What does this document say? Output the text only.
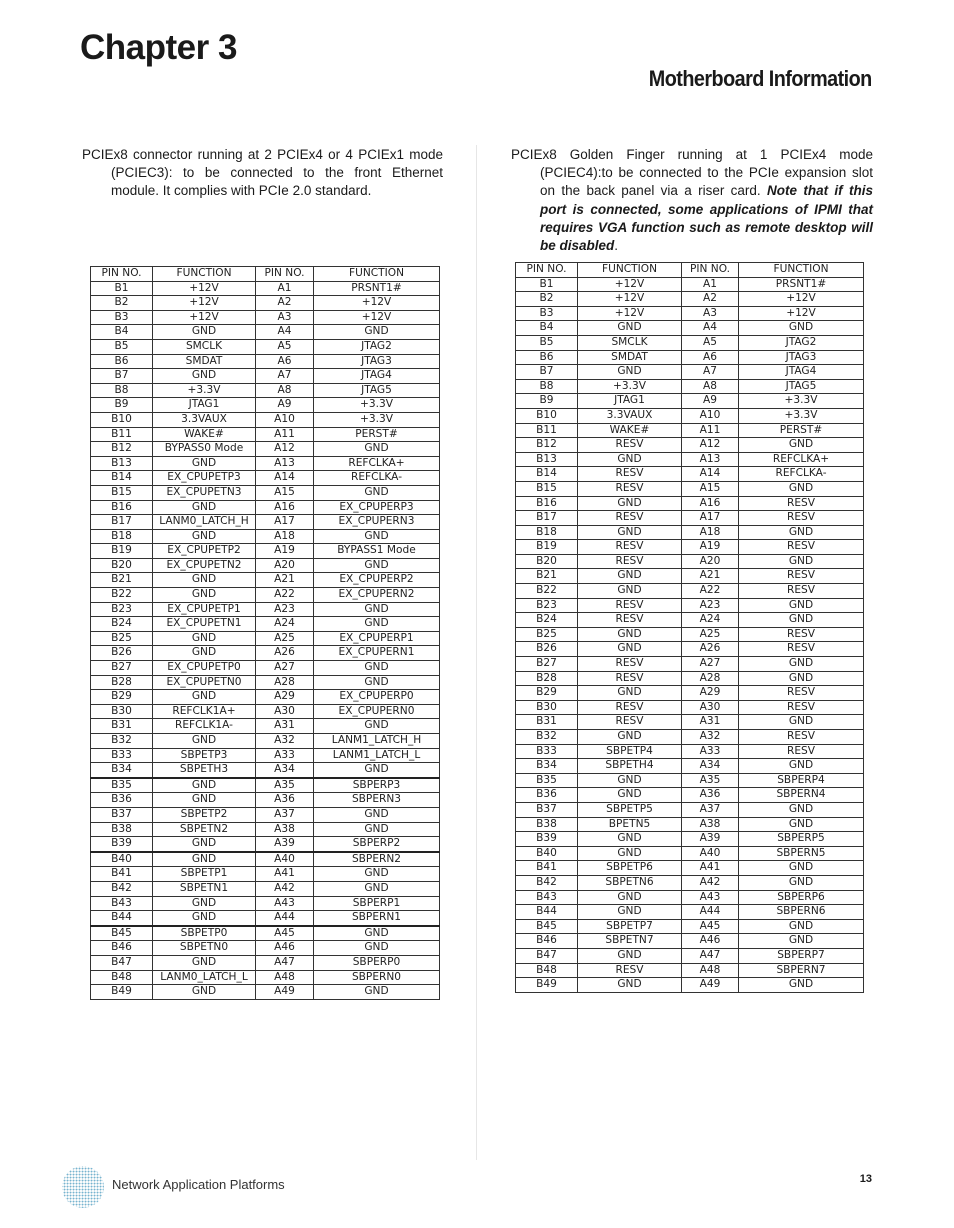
Chapter 3
Motherboard Information

PCIEx8 connector running at 2 PCIEx4 or 4 PCIEx1 mode (PCIEC3): to be connected to the front Ethernet module. It complies with PCIe 2.0 standard.

PCIEx8 Golden Finger running at 1 PCIEx4 mode (PCIEC4):to be connected to the PCIe expansion slot on the back panel via a riser card. Note that if this port is connected, some applications of IPMI that requires VGA function such as remote desktop will be disabled.

PIN NO.	FUNCTION	PIN NO.	FUNCTION
B1	+12V	A1	PRSNT1#
B2	+12V	A2	+12V
B3	+12V	A3	+12V
B4	GND	A4	GND
B5	SMCLK	A5	JTAG2
B6	SMDAT	A6	JTAG3
B7	GND	A7	JTAG4
B8	+3.3V	A8	JTAG5
B9	JTAG1	A9	+3.3V
B10	3.3VAUX	A10	+3.3V
B11	WAKE#	A11	PERST#
B12	BYPASS0 Mode	A12	GND
B13	GND	A13	REFCLKA+
B14	EX_CPUPETP3	A14	REFCLKA-
B15	EX_CPUPETN3	A15	GND
B16	GND	A16	EX_CPUPERP3
B17	LANM0_LATCH_H	A17	EX_CPUPERN3
B18	GND	A18	GND
B19	EX_CPUPETP2	A19	BYPASS1 Mode
B20	EX_CPUPETN2	A20	GND
B21	GND	A21	EX_CPUPERP2
B22	GND	A22	EX_CPUPERN2
B23	EX_CPUPETP1	A23	GND
B24	EX_CPUPETN1	A24	GND
B25	GND	A25	EX_CPUPERP1
B26	GND	A26	EX_CPUPERN1
B27	EX_CPUPETP0	A27	GND
B28	EX_CPUPETN0	A28	GND
B29	GND	A29	EX_CPUPERP0
B30	REFCLK1A+	A30	EX_CPUPERN0
B31	REFCLK1A-	A31	GND
B32	GND	A32	LANM1_LATCH_H
B33	SBPETP3	A33	LANM1_LATCH_L
B34	SBPETH3	A34	GND
B35	GND	A35	SBPERP3
B36	GND	A36	SBPERN3
B37	SBPETP2	A37	GND
B38	SBPETN2	A38	GND
B39	GND	A39	SBPERP2
B40	GND	A40	SBPERN2
B41	SBPETP1	A41	GND
B42	SBPETN1	A42	GND
B43	GND	A43	SBPERP1
B44	GND	A44	SBPERN1
B45	SBPETP0	A45	GND
B46	SBPETN0	A46	GND
B47	GND	A47	SBPERP0
B48	LANM0_LATCH_L	A48	SBPERN0
B49	GND	A49	GND
PIN NO.	FUNCTION	PIN NO.	FUNCTION
B1	+12V	A1	PRSNT1#
B2	+12V	A2	+12V
B3	+12V	A3	+12V
B4	GND	A4	GND
B5	SMCLK	A5	JTAG2
B6	SMDAT	A6	JTAG3
B7	GND	A7	JTAG4
B8	+3.3V	A8	JTAG5
B9	JTAG1	A9	+3.3V
B10	3.3VAUX	A10	+3.3V
B11	WAKE#	A11	PERST#
B12	RESV	A12	GND
B13	GND	A13	REFCLKA+
B14	RESV	A14	REFCLKA-
B15	RESV	A15	GND
B16	GND	A16	RESV
B17	RESV	A17	RESV
B18	GND	A18	GND
B19	RESV	A19	RESV
B20	RESV	A20	GND
B21	GND	A21	RESV
B22	GND	A22	RESV
B23	RESV	A23	GND
B24	RESV	A24	GND
B25	GND	A25	RESV
B26	GND	A26	RESV
B27	RESV	A27	GND
B28	RESV	A28	GND
B29	GND	A29	RESV
B30	RESV	A30	RESV
B31	RESV	A31	GND
B32	GND	A32	RESV
B33	SBPETP4	A33	RESV
B34	SBPETH4	A34	GND
B35	GND	A35	SBPERP4
B36	GND	A36	SBPERN4
B37	SBPETP5	A37	GND
B38	BPETN5	A38	GND
B39	GND	A39	SBPERP5
B40	GND	A40	SBPERN5
B41	SBPETP6	A41	GND
B42	SBPETN6	A42	GND
B43	GND	A43	SBPERP6
B44	GND	A44	SBPERN6
B45	SBPETP7	A45	GND
B46	SBPETN7	A46	GND
B47	GND	A47	SBPERP7
B48	RESV	A48	SBPERN7
B49	GND	A49	GND
Network Application Platforms	13
